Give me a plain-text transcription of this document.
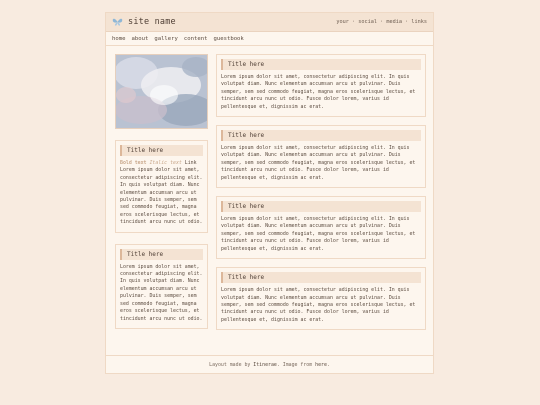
site name	your · social · media · links
home about gallery content guestbook
Title here
Bold text Italic text Link Lorem ipsum dolor sit amet, consectetur adipiscing elit. In quis volutpat diam. Nunc elementum accumsan arcu ut pulvinar. Duis semper, sem sed commodo feugiat, magna eros scelerisque lectus, et tincidunt arcu nunc ut odio.
Title here
Lorem ipsum dolor sit amet, consectetur adipiscing elit. In quis volutpat diam. Nunc elementum accumsan arcu ut pulvinar. Duis semper, sem sed commodo feugiat, magna eros scelerisque lectus, et tincidunt arcu nunc ut odio.
Title here
Lorem ipsum dolor sit amet, consectetur adipiscing elit. In quis volutpat diam. Nunc elementum accumsan arcu ut pulvinar. Duis semper, sem sed commodo feugiat, magna eros scelerisque lectus, et tincidunt arcu nunc ut odio. Fusce dolor lorem, varius id pellentesque et, dignissim ac erat.
Title here
Lorem ipsum dolor sit amet, consectetur adipiscing elit. In quis volutpat diam. Nunc elementum accumsan arcu ut pulvinar. Duis semper, sem sed commodo feugiat, magna eros scelerisque lectus, et tincidunt arcu nunc ut odio. Fusce dolor lorem, varius id pellentesque et, dignissim ac erat.
Title here
Lorem ipsum dolor sit amet, consectetur adipiscing elit. In quis volutpat diam. Nunc elementum accumsan arcu ut pulvinar. Duis semper, sem sed commodo feugiat, magna eros scelerisque lectus, et tincidunt arcu nunc ut odio. Fusce dolor lorem, varius id pellentesque et, dignissim ac erat.
Title here
Lorem ipsum dolor sit amet, consectetur adipiscing elit. In quis volutpat diam. Nunc elementum accumsan arcu ut pulvinar. Duis semper, sem sed commodo feugiat, magna eros scelerisque lectus, et tincidunt arcu nunc ut odio. Fusce dolor lorem, varius id pellentesque et, dignissim ac erat.
Layout made by Itinerae . Image from here .
